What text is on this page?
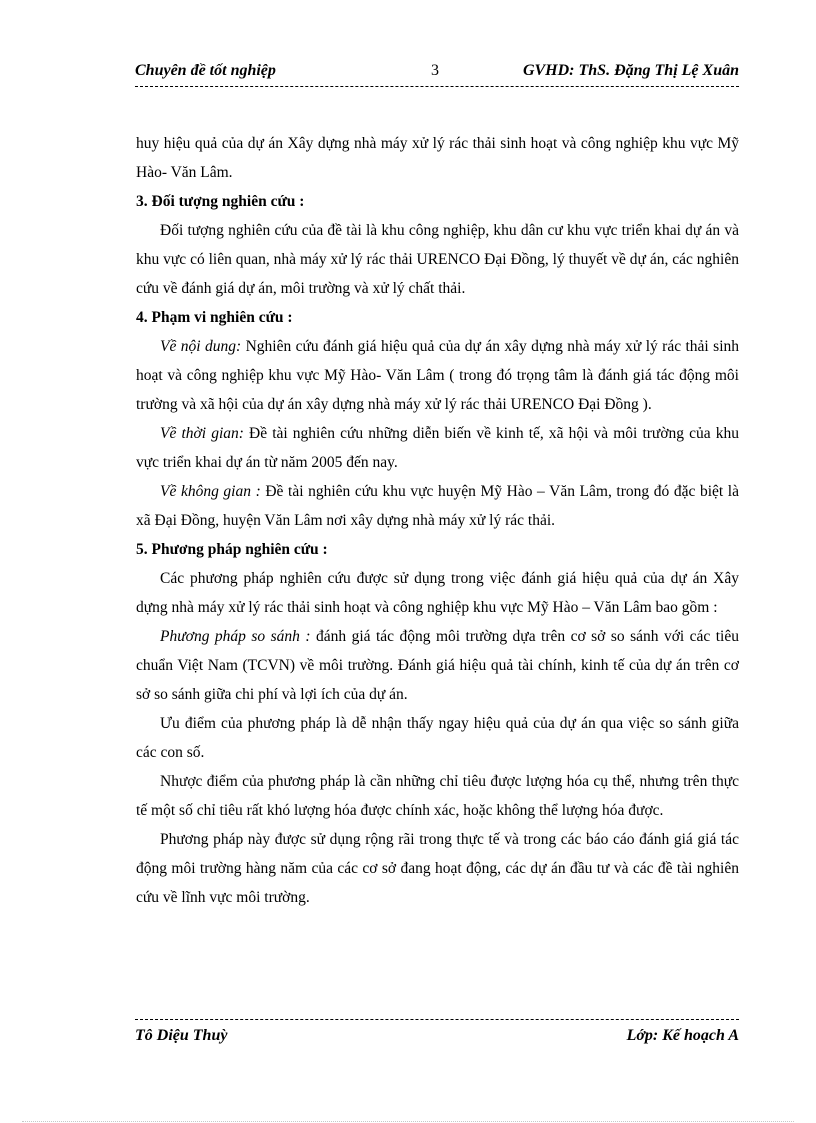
Chuyên đề tốt nghiệp	3	GVHD: ThS. Đặng Thị Lệ Xuân

huy hiệu quả của dự án Xây dựng nhà máy xử lý rác thải sinh hoạt và công nghiệp khu vực Mỹ Hào- Văn Lâm.

3. Đối tượng nghiên cứu :

Đối tượng nghiên cứu của đề tài là khu công nghiệp, khu dân cư khu vực triển khai dự án và khu vực có liên quan, nhà máy xử lý rác thải URENCO Đại Đồng, lý thuyết về dự án, các nghiên cứu về đánh giá dự án, môi trường và xử lý chất thải.

4. Phạm vi nghiên cứu :

Về nội dung: Nghiên cứu đánh giá hiệu quả của dự án xây dựng nhà máy xử lý rác thải sinh hoạt và công nghiệp khu vực Mỹ Hào- Văn Lâm ( trong đó trọng tâm là đánh giá tác động môi trường và xã hội của dự án xây dựng nhà máy xử lý rác thải URENCO Đại Đồng ).

Về thời gian: Đề tài nghiên cứu những diễn biến về kinh tế, xã hội và môi trường của khu vực triển khai dự án từ năm 2005 đến nay.

Về không gian : Đề tài nghiên cứu khu vực huyện Mỹ Hào – Văn Lâm, trong đó đặc biệt là xã Đại Đồng, huyện Văn Lâm nơi xây dựng nhà máy xử lý rác thải.

5. Phương pháp nghiên cứu :

Các phương pháp nghiên cứu được sử dụng trong việc đánh giá hiệu quả của dự án Xây dựng nhà máy xử lý rác thải sinh hoạt và công nghiệp khu vực Mỹ Hào – Văn Lâm bao gồm :

Phương pháp so sánh : đánh giá tác động môi trường dựa trên cơ sở so sánh với các tiêu chuẩn Việt Nam (TCVN) về môi trường. Đánh giá hiệu quả tài chính, kinh tế của dự án trên cơ sở so sánh giữa chi phí và lợi ích của dự án.

Ưu điểm của phương pháp là dễ nhận thấy ngay hiệu quả của dự án qua việc so sánh giữa các con số.

Nhược điểm của phương pháp là cần những chỉ tiêu được lượng hóa cụ thể, nhưng trên thực tế một số chỉ tiêu rất khó lượng hóa được chính xác, hoặc không thể lượng hóa được.

Phương pháp này được sử dụng rộng rãi trong thực tế và trong các báo cáo đánh giá giá tác động môi trường hàng năm của các cơ sở đang hoạt động, các dự án đầu tư và các đề tài nghiên cứu về lĩnh vực môi trường.

Tô Diệu Thuỳ	Lớp: Kế hoạch A
